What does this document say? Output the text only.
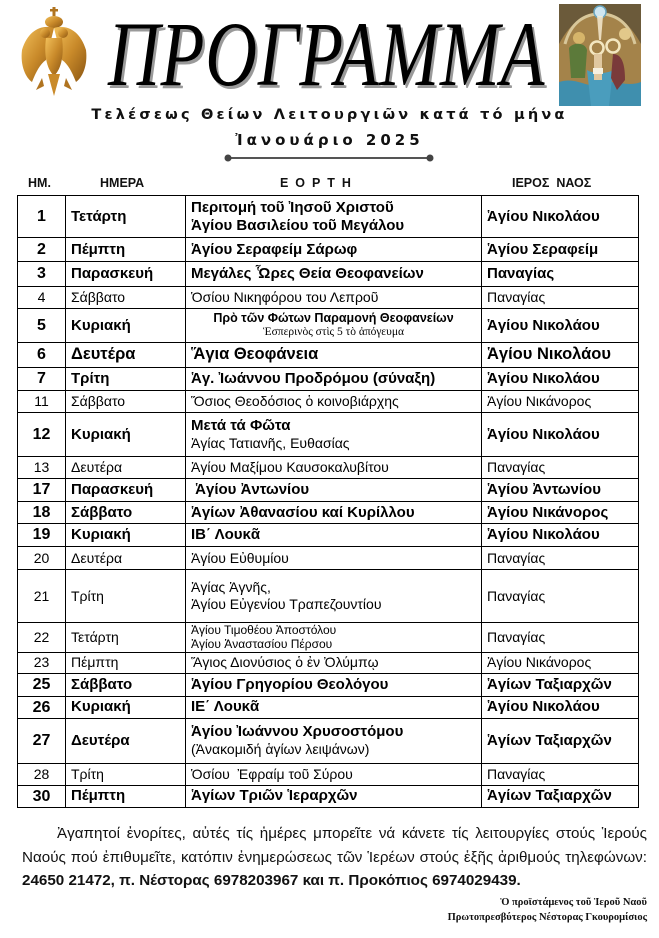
ΠΡΟΓΡΑΜΜΑ
Τελέσεως Θείων Λειτουργιῶν κατά τό μήνα
Ἰανουάριο 2025
ΗΜ.	ΗΜΕΡΑ	Ε  Ο  Ρ  Τ  Η	ΙΕΡΟΣ  ΝΑΟΣ
1	Τετάρτη	Περιτομή τοῦ Ἰησοῦ Χριστοῦ
Ἁγίου Βασιλείου τοῦ Μεγάλου	Ἁγίου Νικολάου
2	Πέμπτη	Ἁγίου Σεραφείμ Σάρωφ	Ἁγίου Σεραφείμ
3	Παρασκευή	Μεγάλες Ὧρες Θεία Θεοφανείων	Παναγίας
4	Σάββατο	Ὁσίου Νικηφόρου του Λεπροῦ	Παναγίας
5	Κυριακή	Πρὸ τῶν Φώτων Παραμονή Θεοφανείων
Ἑσπερινὸς στὶς 5 τὸ ἀπόγευμα	Ἁγίου Νικολάου
6	Δευτέρα	Ἅγια Θεοφάνεια	Ἁγίου Νικολάου
7	Τρίτη	Ἁγ. Ἰωάννου Προδρόμου (σύναξη)	Ἁγίου Νικολάου
11	Σάββατο	Ὅσιος Θεοδόσιος ὁ κοινοβιάρχης	Ἁγίου Νικάνορος
12	Κυριακή	Μετά τά Φῶτα
Ἁγίας Τατιανῆς, Ευθασίας	Ἁγίου Νικολάου
13	Δευτέρα	Ἁγίου Μαξίμου Καυσοκαλυβίτου	Παναγίας
17	Παρασκευή	Ἁγίου Ἀντωνίου	Ἁγίου Ἀντωνίου
18	Σάββατο	Ἁγίων Ἀθανασίου καί Κυρίλλου	Ἁγίου Νικάνορος
19	Κυριακή	ΙΒ΄ Λουκᾶ	Ἁγίου Νικολάου
20	Δευτέρα	Ἁγίου Εὐθυμίου	Παναγίας
21	Τρίτη	Ἁγίας Ἁγνῆς,
Ἁγίου Εὐγενίου Τραπεζουντίου	Παναγίας
22	Τετάρτη	Ἁγίου Τιμοθέου Ἀποστόλου
Ἁγίου Ἀναστασίου Πέρσου	Παναγίας
23	Πέμπτη	Ἅγιος Διονύσιος ὁ ἐν Ὀλύμπῳ	Ἁγίου Νικάνορος
25	Σάββατο	Ἁγίου Γρηγορίου Θεολόγου	Ἁγίων Ταξιαρχῶν
26	Κυριακή	ΙΕ΄ Λουκᾶ	Ἁγίου Νικολάου
27	Δευτέρα	Ἁγίου Ἰωάννου Χρυσοστόμου
(Ἀνακομιδή ἁγίων λειψάνων)	Ἁγίων Ταξιαρχῶν
28	Τρίτη	Ὁσίου  Ἐφραίμ τοῦ Σύρου	Παναγίας
30	Πέμπτη	Ἁγίων Τριῶν Ἱεραρχῶν	Ἁγίων Ταξιαρχῶν
Ἀγαπητοί ἐνορίτες, αὐτές τίς ἡμέρες μπορεῖτε νά κάνετε τίς λειτουργίες στούς Ἱερούς Ναούς πού ἐπιθυμεῖτε, κατόπιν ἐνημερώσεως τῶν Ἱερέων στούς ἑξῆς ἀριθμούς τηλεφώνων: 24650 21472, π. Νέστορας 6978203967 και π. Προκόπιος 6974029439.
Ὁ προϊστάμενος τοῦ Ἱεροῦ Ναοῦ
Πρωτοπρεσβύτερος Νέστορας Γκουρομίσιος
